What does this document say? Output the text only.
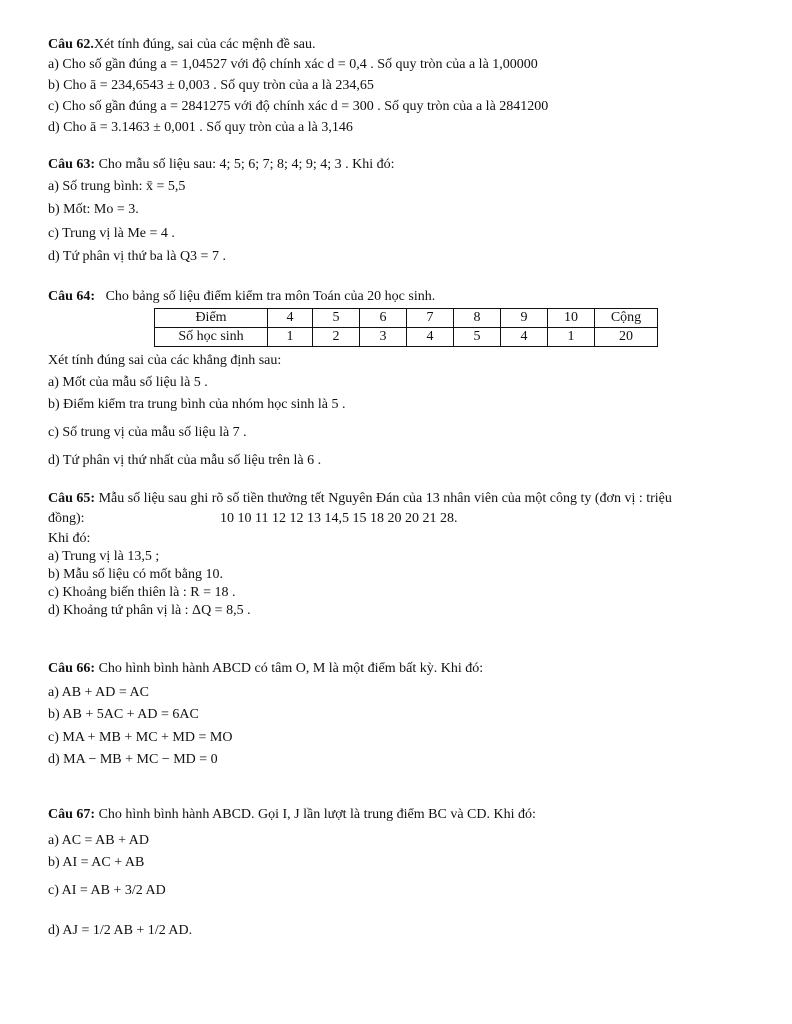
Câu 62.Xét tính đúng, sai của các mệnh đề sau.
a) Cho số gần đúng a = 1,04527 với độ chính xác d = 0,4 . Số quy tròn của a là 1,00000
b) Cho ā = 234,6543 ± 0,003 . Số quy tròn của a là 234,65
c) Cho số gần đúng a = 2841275 với độ chính xác d = 300 . Số quy tròn của a là 2841200
d) Cho ā = 3.1463 ± 0,001 . Số quy tròn của a là 3,146
Câu 63: Cho mẫu số liệu sau: 4; 5; 6; 7; 8; 4; 9; 4; 3 . Khi đó:
a) Số trung bình: x̄ = 5,5
b) Mốt: Mo = 3.
c) Trung vị là Me = 4 .
d) Tứ phân vị thứ ba là Q3 = 7 .
Câu 64: Cho bảng số liệu điểm kiểm tra môn Toán của 20 học sinh.
Điểm	4	5	6	7	8	9	10	Cộng
Số học sinh	1	2	3	4	5	4	1	20
Xét tính đúng sai của các khẳng định sau:
a) Mốt của mẫu số liệu là 5 .
b) Điểm kiểm tra trung bình của nhóm học sinh là 5 .
c) Số trung vị của mẫu số liệu là 7 .
d) Tứ phân vị thứ nhất của mẫu số liệu trên là 6 .
Câu 65: Mẫu số liệu sau ghi rõ số tiền thưởng tết Nguyên Đán của 13 nhân viên của một công ty (đơn vị : triệu
đồng):	10 10 11 12 12 13 14,5 15 18 20 20 21 28.
Khi đó:
a) Trung vị là 13,5 ;
b) Mẫu số liệu có mốt bằng 10.
c) Khoảng biến thiên là : R = 18 .
d) Khoảng tứ phân vị là : ΔQ = 8,5 .
Câu 66: Cho hình bình hành ABCD có tâm O, M là một điểm bất kỳ. Khi đó:
a) AB + AD = AC
b) AB + 5AC + AD = 6AC
c) MA + MB + MC + MD = MO
d) MA − MB + MC − MD = 0
Câu 67: Cho hình bình hành ABCD. Gọi I, J lần lượt là trung điểm BC và CD. Khi đó:
a) AC = AB + AD
b) AI = AC + AB
c) AI = AB + 3/2 AD
d) AJ = 1/2 AB + 1/2 AD.
